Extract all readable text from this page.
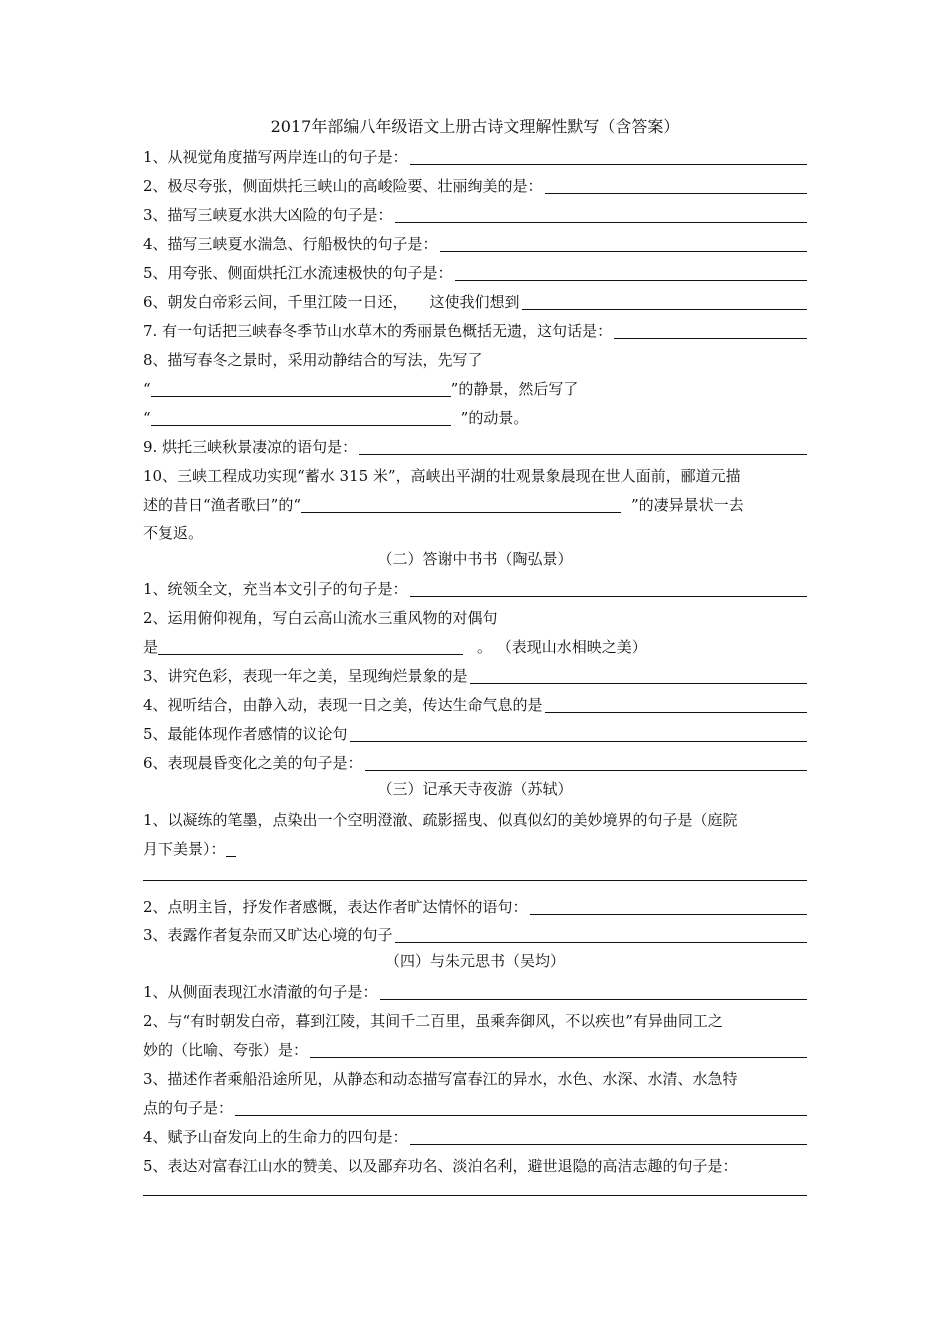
2017年部编八年级语文上册古诗文理解性默写（含答案）
1、从视觉角度描写两岸连山的句子是：
2、极尽夸张，侧面烘托三峡山的高峻险要、壮丽绚美的是：
3、描写三峡夏水洪大凶险的句子是：
4、描写三峡夏水湍急、行船极快的句子是：
5、用夸张、侧面烘托江水流速极快的句子是：
6、朝发白帝彩云间，千里江陵一日还， 这使我们想到
7. 有一句话把三峡春冬季节山水草木的秀丽景色概括无遗，这句话是：
8、描写春冬之景时，采用动静结合的写法，先写了
“	”的静景，然后写了
“	”的动景。
9. 烘托三峡秋景凄凉的语句是：
10、三峡工程成功实现“蓄水 315 米”，高峡出平湖的壮观景象晨现在世人面前，郦道元描
述的昔日“渔者歌曰”的“	”的凄异景状一去
不复返。
（二）答谢中书书（陶弘景）
1、统领全文，充当本文引子的句子是：
2、运用俯仰视角，写白云高山流水三重风物的对偶句
是	。 （表现山水相映之美）
3、讲究色彩，表现一年之美，呈现绚烂景象的是
4、视听结合，由静入动，表现一日之美，传达生命气息的是
5、最能体现作者感情的议论句
6、表现晨昏变化之美的句子是：
（三）记承天寺夜游（苏轼）
1、以凝练的笔墨，点染出一个空明澄澈、疏影摇曳、似真似幻的美妙境界的句子是（庭院
月下美景）：
2、点明主旨，抒发作者感慨，表达作者旷达情怀的语句：
3、表露作者复杂而又旷达心境的句子
（四）与朱元思书（吴均）
1、从侧面表现江水清澈的句子是：
2、与“有时朝发白帝，暮到江陵，其间千二百里，虽乘奔御风，不以疾也”有异曲同工之
妙的（比喻、夸张）是：
3、描述作者乘船沿途所见，从静态和动态描写富春江的异水，水色、水深、水清、水急特
点的句子是：
4、赋予山奋发向上的生命力的四句是：
5、表达对富春江山水的赞美、以及鄙弃功名、淡泊名利，避世退隐的高洁志趣的句子是：
